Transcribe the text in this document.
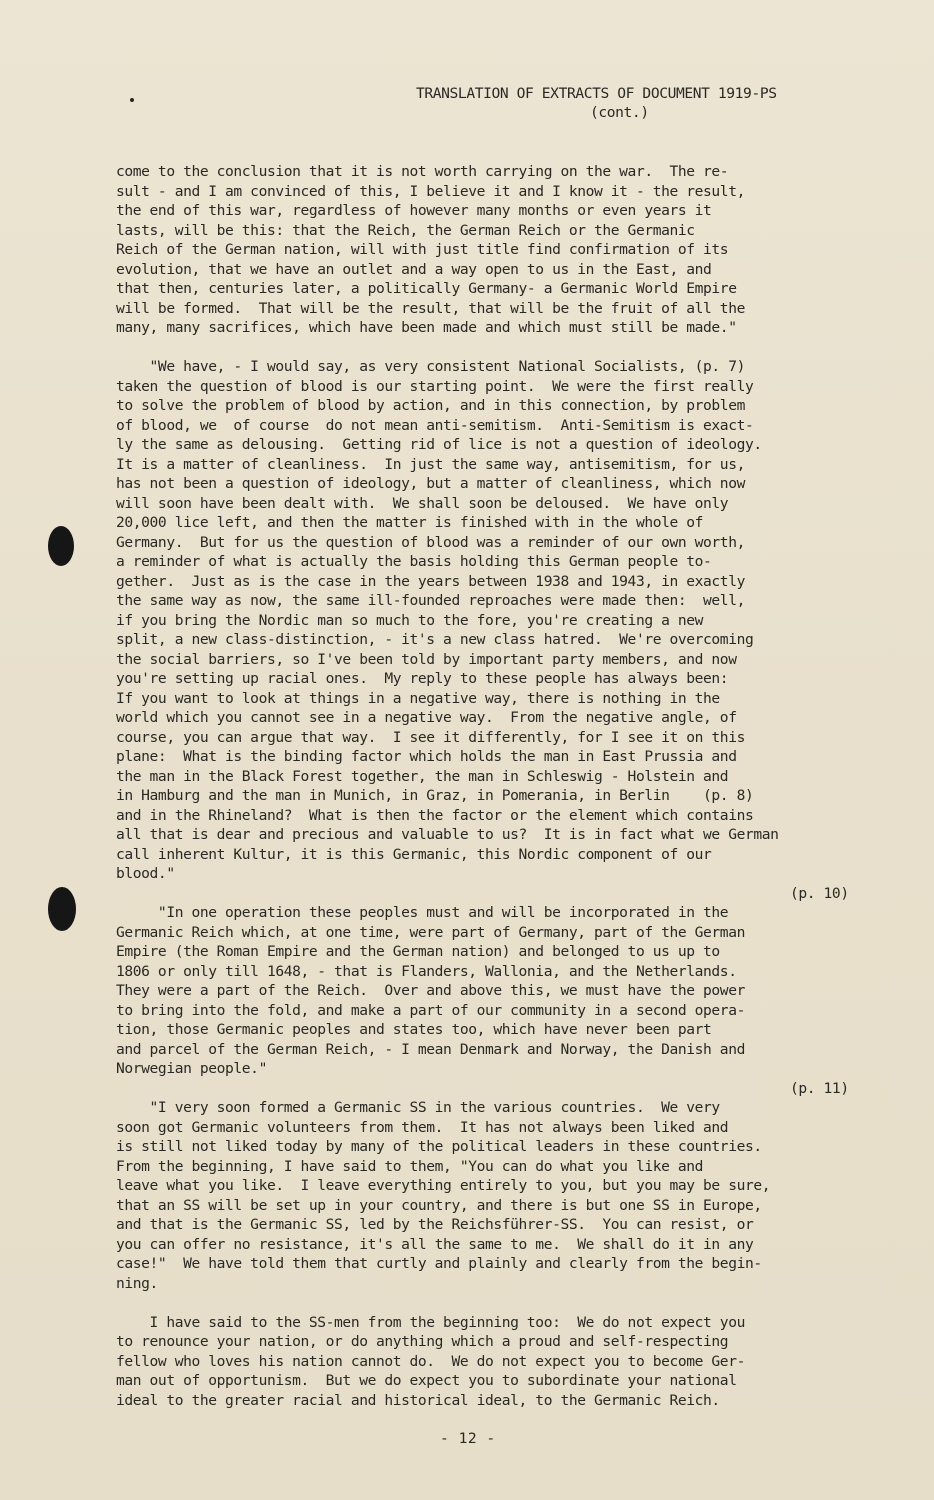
TRANSLATION OF EXTRACTS OF DOCUMENT 1919-PS
(cont.)
come to the conclusion that it is not worth carrying on the war.  The re-
sult - and I am convinced of this, I believe it and I know it - the result,
the end of this war, regardless of however many months or even years it
lasts, will be this: that the Reich, the German Reich or the Germanic
Reich of the German nation, will with just title find confirmation of its
evolution, that we have an outlet and a way open to us in the East, and
that then, centuries later, a politically Germany- a Germanic World Empire
will be formed.  That will be the result, that will be the fruit of all the
many, many sacrifices, which have been made and which must still be made."
"We have, - I would say, as very consistent National Socialists, (p. 7)
taken the question of blood is our starting point.  We were the first really
to solve the problem of blood by action, and in this connection, by problem
of blood, we  of course  do not mean anti-semitism.  Anti-Semitism is exact-
ly the same as delousing.  Getting rid of lice is not a question of ideology.
It is a matter of cleanliness.  In just the same way, antisemitism, for us,
has not been a question of ideology, but a matter of cleanliness, which now
will soon have been dealt with.  We shall soon be deloused.  We have only
20,000 lice left, and then the matter is finished with in the whole of
Germany.  But for us the question of blood was a reminder of our own worth,
a reminder of what is actually the basis holding this German people to-
gether.  Just as is the case in the years between 1938 and 1943, in exactly
the same way as now, the same ill-founded reproaches were made then:  well,
if you bring the Nordic man so much to the fore, you're creating a new
split, a new class-distinction, - it's a new class hatred.  We're overcoming
the social barriers, so I've been told by important party members, and now
you're setting up racial ones.  My reply to these people has always been:
If you want to look at things in a negative way, there is nothing in the
world which you cannot see in a negative way.  From the negative angle, of
course, you can argue that way.  I see it differently, for I see it on this
plane:  What is the binding factor which holds the man in East Prussia and
the man in the Black Forest together, the man in Schleswig - Holstein and
in Hamburg and the man in Munich, in Graz, in Pomerania, in Berlin    (p. 8)
and in the Rhineland?  What is then the factor or the element which contains
all that is dear and precious and valuable to us?  It is in fact what we German
call inherent Kultur, it is this Germanic, this Nordic component of our
blood."
(p. 10)
"In one operation these peoples must and will be incorporated in the
Germanic Reich which, at one time, were part of Germany, part of the German
Empire (the Roman Empire and the German nation) and belonged to us up to
1806 or only till 1648, - that is Flanders, Wallonia, and the Netherlands.
They were a part of the Reich.  Over and above this, we must have the power
to bring into the fold, and make a part of our community in a second opera-
tion, those Germanic peoples and states too, which have never been part
and parcel of the German Reich, - I mean Denmark and Norway, the Danish and
Norwegian people."
(p. 11)
"I very soon formed a Germanic SS in the various countries.  We very
soon got Germanic volunteers from them.  It has not always been liked and
is still not liked today by many of the political leaders in these countries.
From the beginning, I have said to them, "You can do what you like and
leave what you like.  I leave everything entirely to you, but you may be sure,
that an SS will be set up in your country, and there is but one SS in Europe,
and that is the Germanic SS, led by the Reichsführer-SS.  You can resist, or
you can offer no resistance, it's all the same to me.  We shall do it in any
case!"  We have told them that curtly and plainly and clearly from the begin-
ning.
I have said to the SS-men from the beginning too:  We do not expect you
to renounce your nation, or do anything which a proud and self-respecting
fellow who loves his nation cannot do.  We do not expect you to become Ger-
man out of opportunism.  But we do expect you to subordinate your national
ideal to the greater racial and historical ideal, to the Germanic Reich.
- 12 -
